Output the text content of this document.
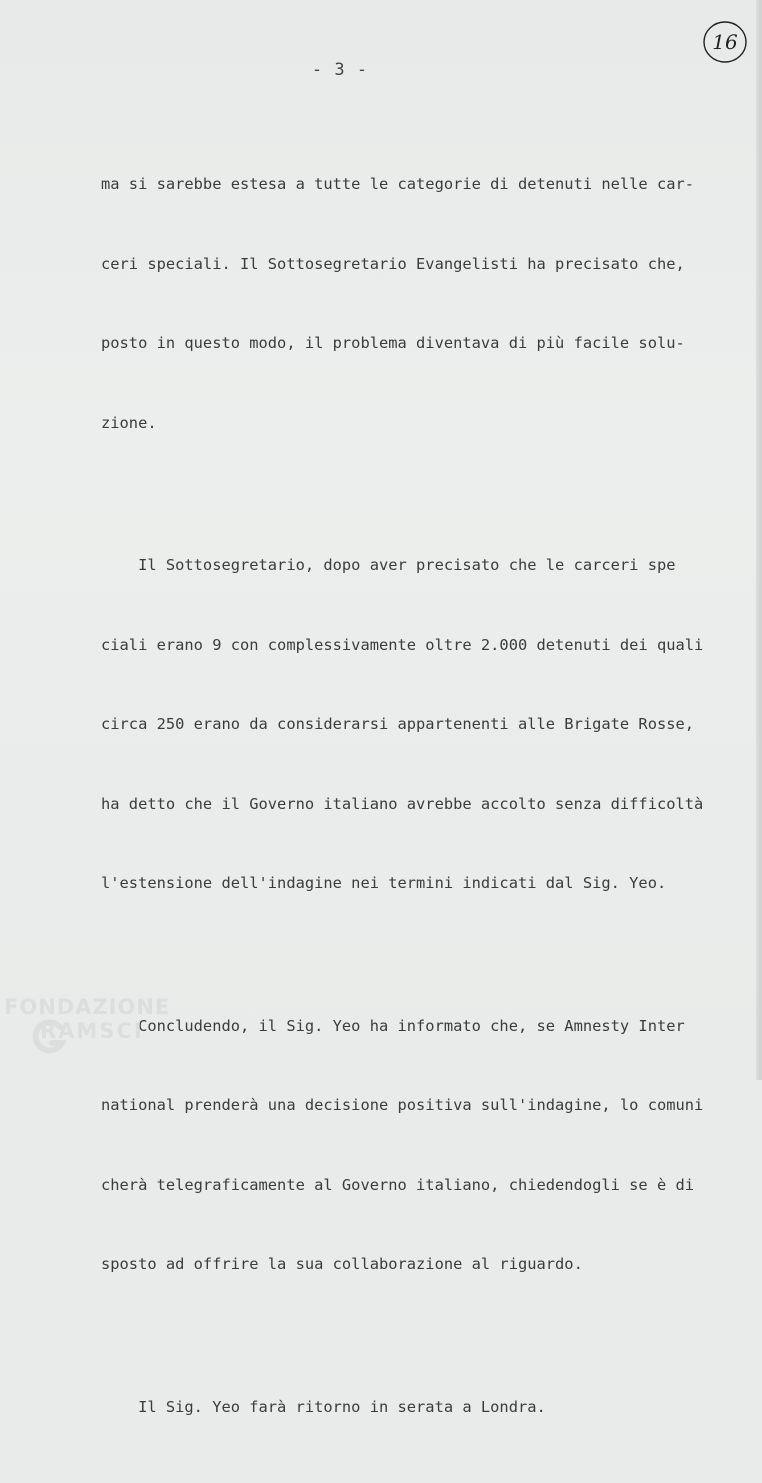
- 3 -
16

ma si sarebbe estesa a tutte le categorie di detenuti nelle car-

ceri speciali. Il Sottosegretario Evangelisti ha precisato che,

posto in questo modo, il problema diventava di più facile solu-

zione.

Il Sottosegretario, dopo aver precisato che le carceri spe

ciali erano 9 con complessivamente oltre 2.000 detenuti dei quali

circa 250 erano da considerarsi appartenenti alle Brigate Rosse,

ha detto che il Governo italiano avrebbe accolto senza difficoltà

l'estensione dell'indagine nei termini indicati dal Sig. Yeo.

Concludendo, il Sig. Yeo ha informato che, se Amnesty Inter

national prenderà una decisione positiva sull'indagine, lo comuni

cherà telegraficamente al Governo italiano, chiedendogli se è di

sposto ad offrire la sua collaborazione al riguardo.

Il Sig. Yeo farà ritorno in serata a Londra.

FONDAZIONE
RAMSCI
